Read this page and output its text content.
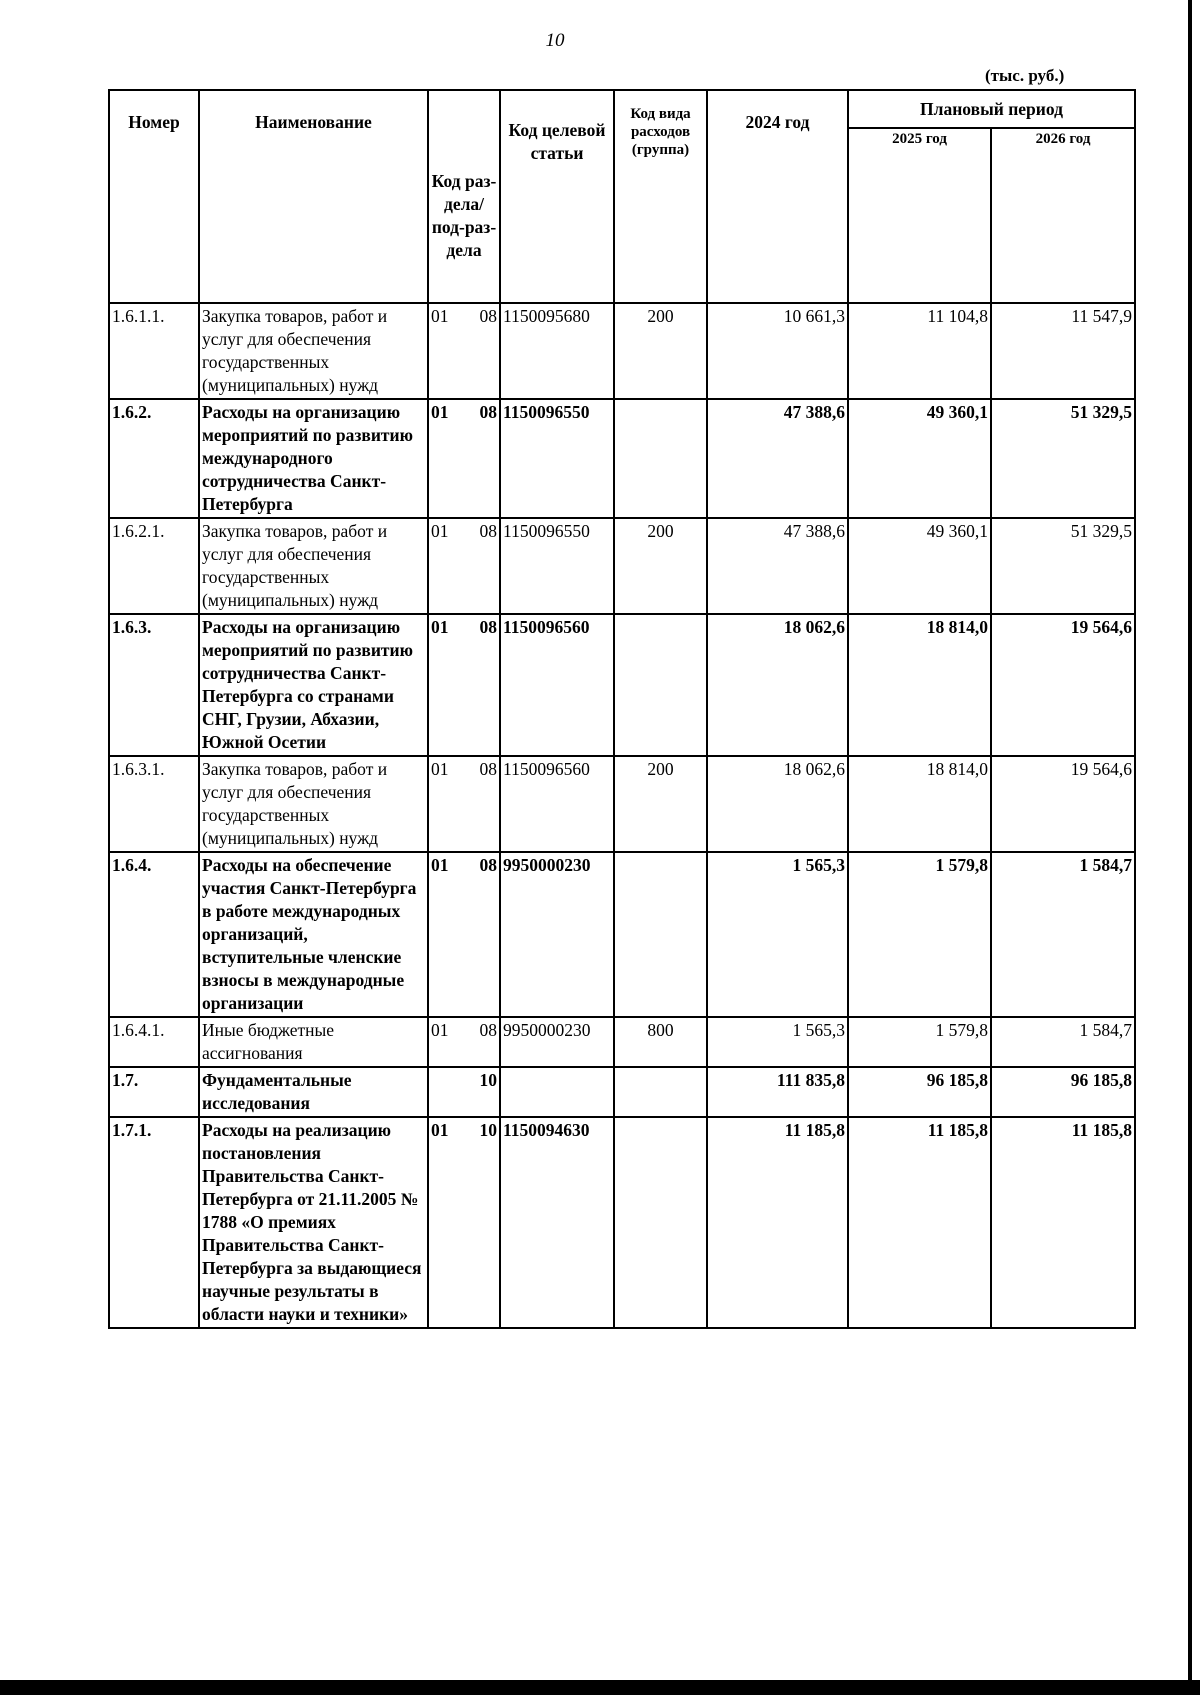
10
(тыс. руб.)
Номер	Наименование	Код раз-дела/ под-раз-дела	Код целевой статьи	Код вида расходов (группа)	2024 год	Плановый период	
						2025 год	2026 год
1.6.1.1.	Закупка товаров, работ и услуг для обеспечения государственных (муниципальных) нужд	01 08	1150095680	200	10 661,3	11 104,8	11 547,9
1.6.2.	Расходы на организацию мероприятий по развитию международного сотрудничества Санкт-Петербурга	01 08	1150096550		47 388,6	49 360,1	51 329,5
1.6.2.1.	Закупка товаров, работ и услуг для обеспечения государственных (муниципальных) нужд	01 08	1150096550	200	47 388,6	49 360,1	51 329,5
1.6.3.	Расходы на организацию мероприятий по развитию сотрудничества Санкт-Петербурга со странами СНГ, Грузии, Абхазии, Южной Осетии	01 08	1150096560		18 062,6	18 814,0	19 564,6
1.6.3.1.	Закупка товаров, работ и услуг для обеспечения государственных (муниципальных) нужд	01 08	1150096560	200	18 062,6	18 814,0	19 564,6
1.6.4.	Расходы на обеспечение участия Санкт-Петербурга в работе международных организаций, вступительные членские взносы в международные организации	01 08	9950000230		1 565,3	1 579,8	1 584,7
1.6.4.1.	Иные бюджетные ассигнования	01 08	9950000230	800	1 565,3	1 579,8	1 584,7
1.7.	Фундаментальные исследования	10			111 835,8	96 185,8	96 185,8
1.7.1.	Расходы на реализацию постановления Правительства Санкт-Петербурга от 21.11.2005 № 1788 «О премиях Правительства Санкт-Петербурга за выдающиеся научные результаты в области науки и техники»	01 10	1150094630		11 185,8	11 185,8	11 185,8
